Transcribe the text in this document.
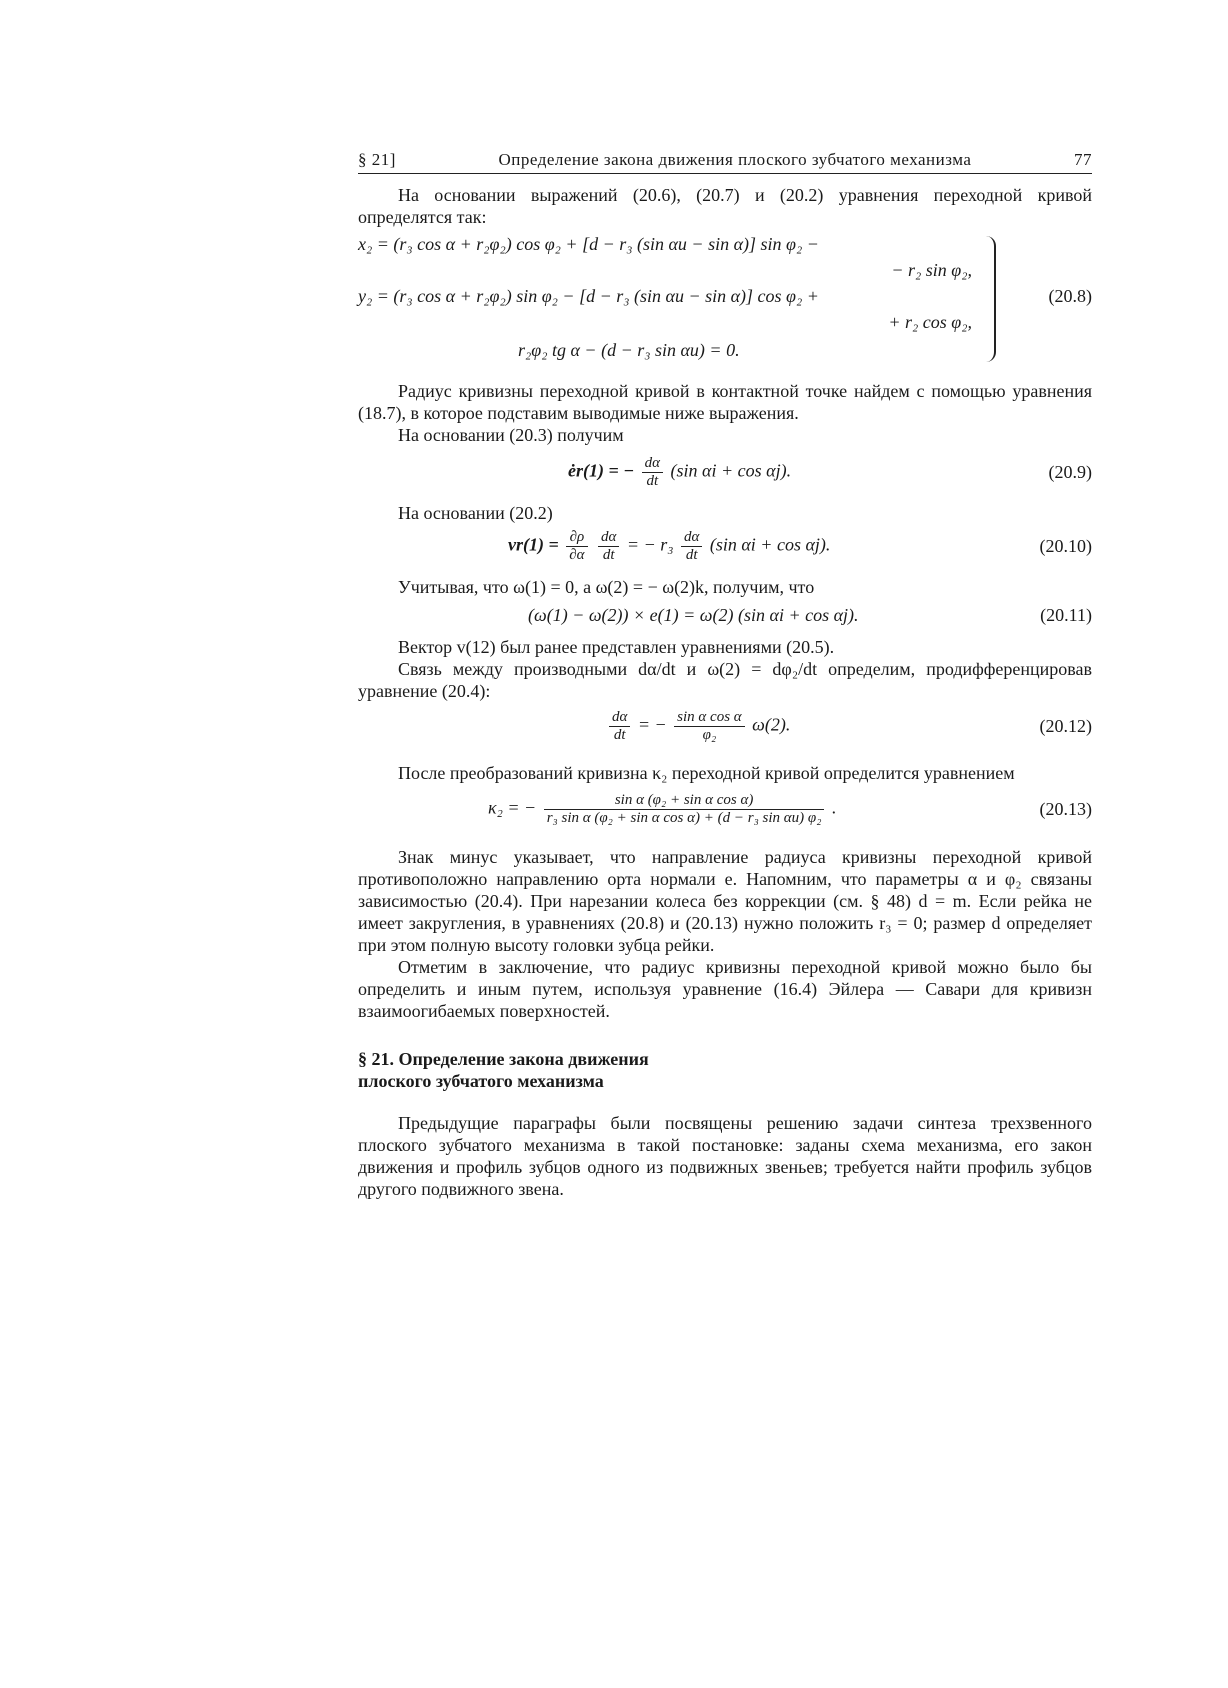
§ 21]	Определение закона движения плоского зубчатого механизма	77

На основании выражений (20.6), (20.7) и (20.2) уравнения переходной кривой определятся так:

x₂ = (r₃ cos α + r₂φ₂) cos φ₂ + [d − r₃ (sin αи − sin α)] sin φ₂ −
− r₂ sin φ₂,
y₂ = (r₃ cos α + r₂φ₂) sin φ₂ − [d − r₃ (sin αи − sin α)] cos φ₂ +
+ r₂ cos φ₂,
r₂φ₂ tg α − (d − r₃ sin αи) = 0.
(20.8)

Радиус кривизны переходной кривой в контактной точке найдем с помощью уравнения (18.7), в которое подставим выводимые ниже выражения.

На основании (20.3) получим

ėr(1) = − $\frac{d\alpha}{dt} (\sin$ αi + cos αj).	(20.9)

На основании (20.2)

$vr(1) = \frac{\partial\rho}{\partial\alpha}$
$\frac{d\alpha}{dt}$ = − $r_3 \frac{d\alpha}{dt} (\sin$ αi + cos αj).	(20.10)

Учитывая, что ω(1) = 0, а ω(2) = − ω(2)k, получим, что

(ω(1) − ω(2)) × e(1) = ω(2) (sin αi + cos αj).	(20.11)

Вектор v(12) был ранее представлен уравнениями (20.5).

Связь между производными dα/dt и ω(2) = dφ₂/dt определим, продифференцировав уравнение (20.4):

$\frac{d\alpha}{dt}$ = − $\frac{\text{sin α cos α}}{\text{φ₂}} \omega(2)$.	(20.12)

После преобразований кривизна κ₂ переходной кривой определится уравнением

κ₂ = − $\frac{\text{sin α (φ₂ + sin α cos α)}}{\text{r₃ sin α (φ₂ + sin α cos α) + (d − r₃ sin αи) φ₂}}$ .	(20.13)

Знак минус указывает, что направление радиуса кривизны переходной кривой противоположно направлению орта нормали e. Напомним, что параметры α и φ₂ связаны зависимостью (20.4). При нарезании колеса без коррекции (см. § 48) d = m. Если рейка не имеет закругления, в уравнениях (20.8) и (20.13) нужно положить r₃ = 0; размер d определяет при этом полную высоту головки зубца рейки.

Отметим в заключение, что радиус кривизны переходной кривой можно было бы определить и иным путем, используя уравнение (16.4) Эйлера — Савари для кривизн взаимоогибаемых поверхностей.

§ 21. Определение закона движения
плоского зубчатого механизма

Предыдущие параграфы были посвящены решению задачи синтеза трехзвенного плоского зубчатого механизма в такой постановке: заданы схема механизма, его закон движения и профиль зубцов одного из подвижных звеньев; требуется найти профиль зубцов другого подвижного звена.
